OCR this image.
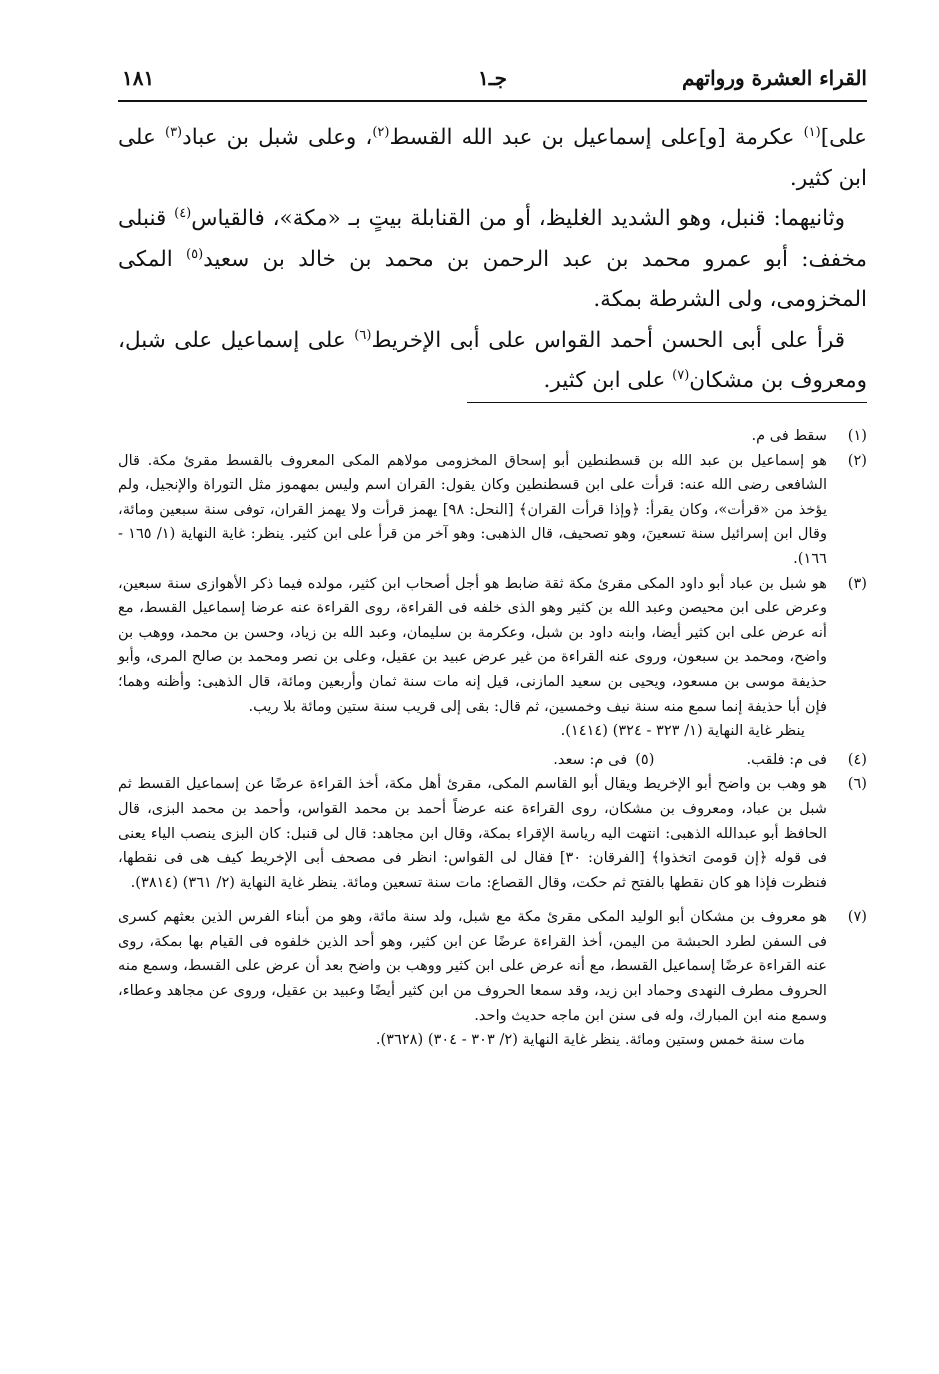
القراء العشرة ورواتهم
جـ١
١٨١

على]$^{(١)}$ عكرمة [و]على إسماعيل بن عبد الله القسط$^{(٢)}$، وعلى شبل بن عباد$^{(٣)}$ على ابن كثير.

وثانيهما: قنبل، وهو الشديد الغليظ، أو من القنابلة بيتٍ بـ «مكة»، فالقياس$^{(٤)}$ قنبلى مخفف: أبو عمرو محمد بن عبد الرحمن بن محمد بن خالد بن سعيد$^{(٥)}$ المكى المخزومى، ولى الشرطة بمكة.

قرأ على أبى الحسن أحمد القواس على أبى الإخريط$^{(٦)}$ على إسماعيل على شبل، ومعروف بن مشكان$^{(٧)}$ على ابن كثير.

(١)
سقط فى م.
(٢)
هو إسماعيل بن عبد الله بن قسطنطين أبو إسحاق المخزومى مولاهم المكى المعروف بالقسط مقرئ مكة. قال الشافعى رضى الله عنه: قرأت على ابن قسطنطين وكان يقول: القران اسم وليس بمهموز مثل التوراة والإنجيل، ولم يؤخذ من «قرأت»، وكان يقرأ: ﴿وإذا قرأت القران﴾ [النحل: ٩٨] يهمز قرأت ولا يهمز القران، توفى سنة سبعين ومائة، وقال ابن إسرائيل سنة تسعينَ، وهو تصحيف، قال الذهبى: وهو آخر من قرأ على ابن كثير. ينظر: غاية النهاية (١/ ١٦٥ - ١٦٦).
(٣)
هو شبل بن عباد أبو داود المكى مقرئ مكة ثقة ضابط هو أجل أصحاب ابن كثير، مولده فيما ذكر الأهوازى سنة سبعين، وعرض على ابن محيصن وعبد الله بن كثير وهو الذى خلفه فى القراءة، روى القراءة عنه عرضا إسماعيل القسط، مع أنه عرض على ابن كثير أيضا، وابنه داود بن شبل، وعكرمة بن سليمان، وعبد الله بن زياد، وحسن بن محمد، ووهب بن واضح، ومحمد بن سبعون، وروى عنه القراءة من غير عرض عبيد بن عقيل، وعلى بن نصر ومحمد بن صالح المرى، وأبو حذيفة موسى بن مسعود، ويحيى بن سعيد المازنى، قيل إنه مات سنة ثمان وأربعين ومائة، قال الذهبى: وأظنه وهما؛ فإن أبا حذيفة إنما سمع منه سنة نيف وخمسين، ثم قال: بقى إلى قريب سنة ستين ومائة بلا ريب.
ينظر غاية النهاية (١/ ٣٢٣ - ٣٢٤) (١٤١٤).
(٤)
فى م: فلقب.
(٥)
فى م: سعد.
(٦)
هو وهب بن واضح أبو الإخريط ويقال أبو القاسم المكى، مقرئ أهل مكة، أخذ القراءة عرضًا عن إسماعيل القسط ثم شبل بن عباد، ومعروف بن مشكان، روى القراءة عنه عرضاً أحمد بن محمد القواس، وأحمد بن محمد البزى، قال الحافظ أبو عبدالله الذهبى: انتهت اليه رياسة الإقراء بمكة، وقال ابن مجاهد: قال لى قنبل: كان البزى ينصب الياء يعنى فى قوله ﴿إن قومىَ اتخذوا﴾ [الفرقان: ٣٠] فقال لى القواس: انظر فى مصحف أبى الإخريط كيف هى فى نقطها، فنظرت فإذا هو كان نقطها بالفتح ثم حكت، وقال القصاع: مات سنة تسعين ومائة. ينظر غاية النهاية (٢/ ٣٦١) (٣٨١٤).
(٧)
هو معروف بن مشكان أبو الوليد المكى مقرئ مكة مع شبل، ولد سنة مائة، وهو من أبناء الفرس الذين بعثهم كسرى فى السفن لطرد الحبشة من اليمن، أخذ القراءة عرضًا عن ابن كثير، وهو أحد الذين خلفوه فى القيام بها بمكة، روى عنه القراءة عرضًا إسماعيل القسط، مع أنه عرض على ابن كثير ووهب بن واضح بعد أن عرض على القسط، وسمع منه الحروف مطرف النهدى وحماد ابن زيد، وقد سمعا الحروف من ابن كثير أيضًا وعبيد بن عقيل، وروى عن مجاهد وعطاء، وسمع منه ابن المبارك، وله فى سنن ابن ماجه حديث واحد.
مات سنة خمس وستين ومائة. ينظر غاية النهاية (٢/ ٣٠٣ - ٣٠٤) (٣٦٢٨).
